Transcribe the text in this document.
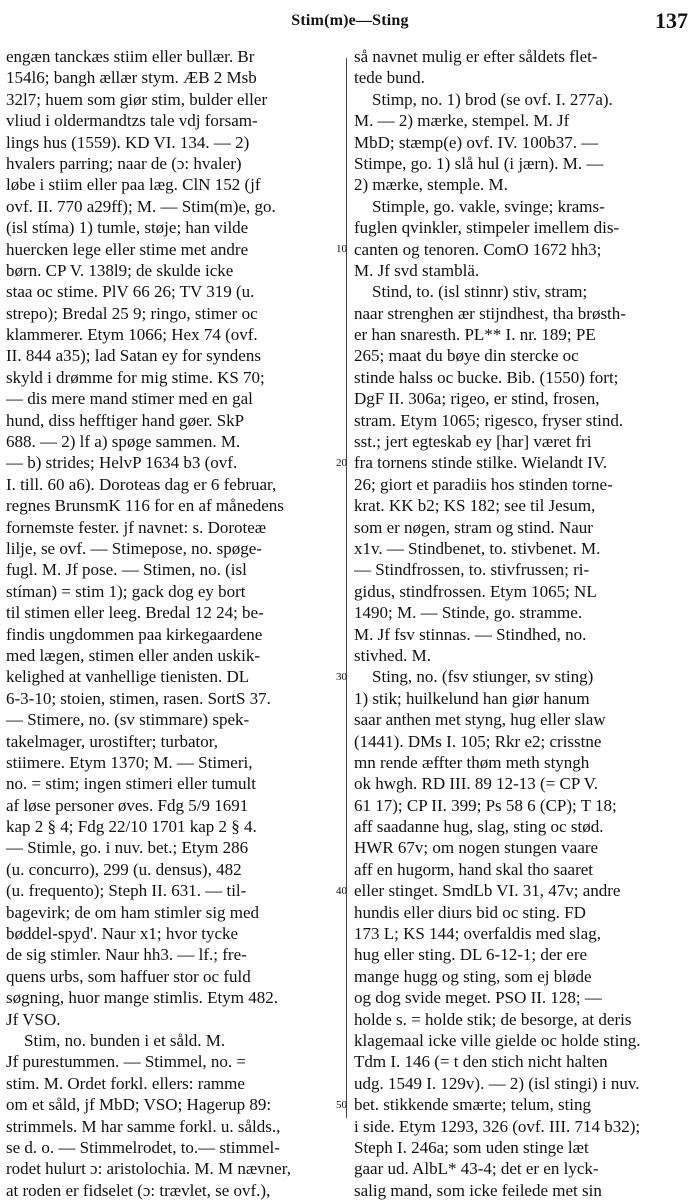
Stim(m)e—Sting	137
10
20
30
40
50
engæn tanckæs stiim eller bullær. Br
154l6; bangh ællær stym. ÆB 2 Msb
32l7; huem som giør stim, bulder eller
vliud i oldermandtzs tale vdj forsam-
lings hus (1559). KD VI. 134. — 2)
hvalers parring; naar de (ɔ: hvaler)
løbe i stiim eller paa læg. ClN 152 (jf
ovf. II. 770 a29ff); M. — Stim(m)e, go.
(isl stíma) 1) tumle, støje; han vilde
huercken lege eller stime met andre
børn. CP V. 138l9; de skulde icke
staa oc stime. PlV 66 26; TV 319 (u.
strepo); Bredal 25 9; ringo, stimer oc
klammerer. Etym 1066; Hex 74 (ovf.
II. 844 a35); lad Satan ey for syndens
skyld i drømme for mig stime. KS 70;
— dis mere mand stimer med en gal
hund, diss hefftiger hand gøer. SkP
688. — 2) lf a) spøge sammen. M.
— b) strides; HelvP 1634 b3 (ovf.
I. till. 60 a6). Doroteas dag er 6 februar,
regnes BrunsmK 116 for en af månedens
fornemste fester. jf navnet: s. Doroteæ
lilje, se ovf. — Stimepose, no. spøge-
fugl. M. Jf pose. — Stimen, no. (isl
stíman) = stim 1); gack dog ey bort
til stimen eller leeg. Bredal 12 24; be-
findis ungdommen paa kirkegaardene
med lægen, stimen eller anden uskik-
kelighed at vanhellige tienisten. DL
6-3-10; stoien, stimen, rasen. SortS 37.
— Stimere, no. (sv stimmare) spek-
takelmager, urostifter; turbator,
stiimere. Etym 1370; M. — Stimeri,
no. = stim; ingen stimeri eller tumult
af løse personer øves. Fdg 5/9 1691
kap 2 § 4; Fdg 22/10 1701 kap 2 § 4.
— Stimle, go. i nuv. bet.; Etym 286
(u. concurro), 299 (u. densus), 482
(u. frequento); Steph II. 631. — til-
bagevirk; de om ham stimler sig med
bøddel-spyd'. Naur x1; hvor tycke
de sig stimler. Naur hh3. — lf.; fre-
quens urbs, som haffuer stor oc fuld
søgning, huor mange stimlis. Etym 482.
Jf VSO.
Stim, no. bunden i et såld. M.
Jf purestummen. — Stimmel, no. =
stim. M. Ordet forkl. ellers: ramme
om et såld, jf MbD; VSO; Hagerup 89:
strimmels. M har samme forkl. u. sålds.,
se d. o. — Stimmelrodet, to.— stimmel-
rodet hulurt ɔ: aristolochia. M. M nævner,
at roden er fidselet (ɔ: trævlet, se ovf.),
så navnet mulig er efter såldets flet-
tede bund.
Stimp, no. 1) brod (se ovf. I. 277a).
M. — 2) mærke, stempel. M. Jf
MbD; stæmp(e) ovf. IV. 100b37. —
Stimpe, go. 1) slå hul (i jærn). M. —
2) mærke, stemple. M.
Stimple, go. vakle, svinge; krams-
fuglen qvinkler, stimpeler imellem dis-
canten og tenoren. ComO 1672 hh3;
M. Jf svd stamblä.
Stind, to. (isl stinnr) stiv, stram;
naar strenghen ær stijndhest, tha brøsth-
er han snaresth. PL** I. nr. 189; PE
265; maat du bøye din stercke oc
stinde halss oc bucke. Bib. (1550) fort;
DgF II. 306a; rigeo, er stind, frosen,
stram. Etym 1065; rigesco, fryser stind.
sst.; jert egteskab ey [har] været fri
fra tornens stinde stilke. Wielandt IV.
26; giort et paradiis hos stinden torne-
krat. KK b2; KS 182; see til Jesum,
som er nøgen, stram og stind. Naur
x1v. — Stindbenet, to. stivbenet. M.
— Stindfrossen, to. stivfrussen; ri-
gidus, stindfrossen. Etym 1065; NL
1490; M. — Stinde, go. stramme.
M. Jf fsv stinnas. — Stindhed, no.
stivhed. M.
Sting, no. (fsv stiunger, sv sting)
1) stik; huilkelund han giør hanum
saar anthen met styng, hug eller slaw
(1441). DMs I. 105; Rkr e2; crisstne
mn rende æffter thøm meth styngh
ok hwgh. RD III. 89 12-13 (= CP V.
61 17); CP II. 399; Ps 58 6 (CP); T 18;
aff saadanne hug, slag, sting oc stød.
HWR 67v; om nogen stungen vaare
aff en hugorm, hand skal tho saaret
eller stinget. SmdLb VI. 31, 47v; andre
hundis eller diurs bid oc sting. FD
173 L; KS 144; overfaldis med slag,
hug eller sting. DL 6-12-1; der ere
mange hugg og sting, som ej bløde
og dog svide meget. PSO II. 128; —
holde s. = holde stik; de besorge, at deris
klagemaal icke ville gielde oc holde sting.
Tdm I. 146 (= t den stich nicht halten
udg. 1549 I. 129v). — 2) (isl stingi) i nuv.
bet. stikkende smærte; telum, sting
i side. Etym 1293, 326 (ovf. III. 714 b32);
Steph I. 246a; som uden stinge læt
gaar ud. AlbL* 43-4; det er en lyck-
salig mand, som icke feilede met sin
